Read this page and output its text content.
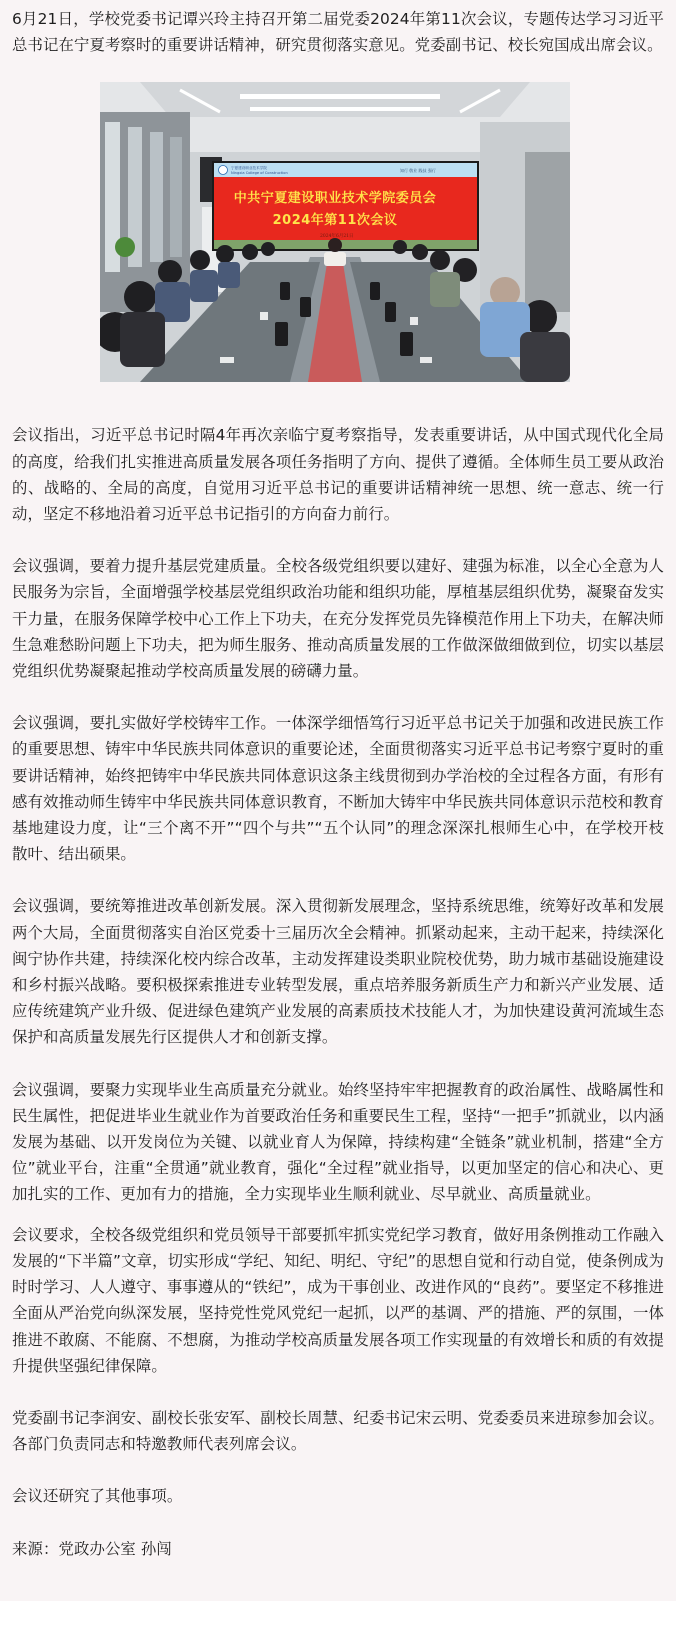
6月21日，学校党委书记谭兴玲主持召开第二届党委2024年第11次会议，专题传达学习习近平总书记在宁夏考察时的重要讲话精神，研究贯彻落实意见。党委副书记、校长宛国成出席会议。

宁夏建设职业技术学院
Ningxia College of Construction	知行 敬业 践技 强行
中共宁夏建设职业技术学院委员会
2024年第11次会议
2024年6月21日

会议指出，习近平总书记时隔4年再次亲临宁夏考察指导，发表重要讲话，从中国式现代化全局的高度，给我们扎实推进高质量发展各项任务指明了方向、提供了遵循。全体师生员工要从政治的、战略的、全局的高度，自觉用习近平总书记的重要讲话精神统一思想、统一意志、统一行动，坚定不移地沿着习近平总书记指引的方向奋力前行。

会议强调，要着力提升基层党建质量。全校各级党组织要以建好、建强为标准，以全心全意为人民服务为宗旨，全面增强学校基层党组织政治功能和组织功能，厚植基层组织优势，凝聚奋发实干力量，在服务保障学校中心工作上下功夫，在充分发挥党员先锋模范作用上下功夫，在解决师生急难愁盼问题上下功夫，把为师生服务、推动高质量发展的工作做深做细做到位，切实以基层党组织优势凝聚起推动学校高质量发展的磅礴力量。

会议强调，要扎实做好学校铸牢工作。一体深学细悟笃行习近平总书记关于加强和改进民族工作的重要思想、铸牢中华民族共同体意识的重要论述，全面贯彻落实习近平总书记考察宁夏时的重要讲话精神，始终把铸牢中华民族共同体意识这条主线贯彻到办学治校的全过程各方面，有形有感有效推动师生铸牢中华民族共同体意识教育，不断加大铸牢中华民族共同体意识示范校和教育基地建设力度，让“三个离不开”“四个与共”“五个认同”的理念深深扎根师生心中，在学校开枝散叶、结出硕果。

会议强调，要统筹推进改革创新发展。深入贯彻新发展理念，坚持系统思维，统筹好改革和发展两个大局，全面贯彻落实自治区党委十三届历次全会精神。抓紧动起来，主动干起来，持续深化闽宁协作共建，持续深化校内综合改革，主动发挥建设类职业院校优势，助力城市基础设施建设和乡村振兴战略。要积极探索推进专业转型发展，重点培养服务新质生产力和新兴产业发展、适应传统建筑产业升级、促进绿色建筑产业发展的高素质技术技能人才，为加快建设黄河流域生态保护和高质量发展先行区提供人才和创新支撑。

会议强调，要聚力实现毕业生高质量充分就业。始终坚持牢牢把握教育的政治属性、战略属性和民生属性，把促进毕业生就业作为首要政治任务和重要民生工程，坚持“一把手”抓就业，以内涵发展为基础、以开发岗位为关键、以就业育人为保障，持续构建“全链条”就业机制，搭建“全方位”就业平台，注重“全贯通”就业教育，强化“全过程”就业指导，以更加坚定的信心和决心、更加扎实的工作、更加有力的措施，全力实现毕业生顺利就业、尽早就业、高质量就业。

会议要求，全校各级党组织和党员领导干部要抓牢抓实党纪学习教育，做好用条例推动工作融入发展的“下半篇”文章，切实形成“学纪、知纪、明纪、守纪”的思想自觉和行动自觉，使条例成为时时学习、人人遵守、事事遵从的“铁纪”，成为干事创业、改进作风的“良药”。要坚定不移推进全面从严治党向纵深发展，坚持党性党风党纪一起抓，以严的基调、严的措施、严的氛围，一体推进不敢腐、不能腐、不想腐，为推动学校高质量发展各项工作实现量的有效增长和质的有效提升提供坚强纪律保障。

党委副书记李润安、副校长张安军、副校长周慧、纪委书记宋云明、党委委员来进琼参加会议。各部门负责同志和特邀教师代表列席会议。

会议还研究了其他事项。

来源：党政办公室 孙闯
